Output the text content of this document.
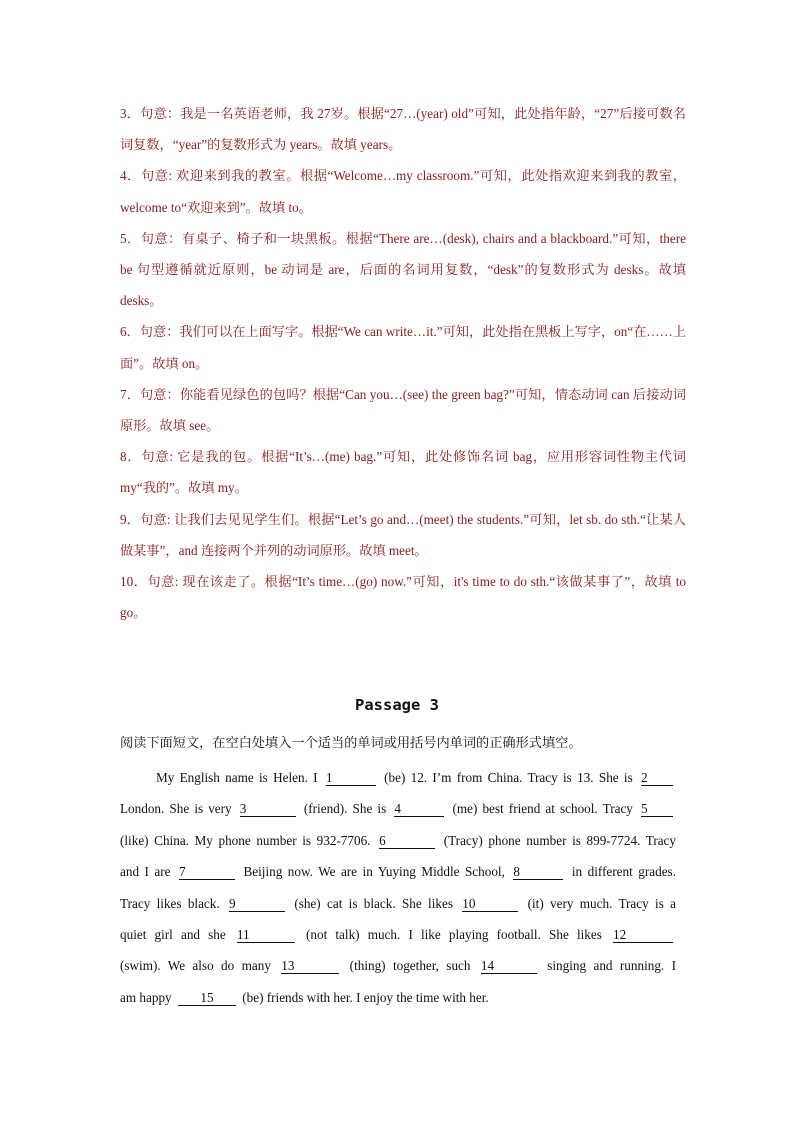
3．句意：我是一名英语老师，我 27岁。根据“27…(year) old”可知，此处指年龄，“27”后接可数名词复数，“year”的复数形式为 years。故填 years。

4．句意: 欢迎来到我的教室。根据“Welcome…my classroom.”可知，此处指欢迎来到我的教室，welcome to“欢迎来到”。故填 to。

5．句意：有桌子、椅子和一块黑板。根据“There are…(desk), chairs and a blackboard.”可知，there be 句型遵循就近原则，be 动词是 are，后面的名词用复数，“desk”的复数形式为 desks。故填 desks。

6．句意：我们可以在上面写字。根据“We can write…it.”可知，此处指在黑板上写字，on“在……上面”。故填 on。

7．句意：你能看见绿色的包吗？根据“Can you…(see) the green bag?”可知，情态动词 can 后接动词原形。故填 see。

8．句意: 它是我的包。根据“It’s…(me) bag.”可知，此处修饰名词 bag，应用形容词性物主代词 my“我的”。故填 my。

9．句意: 让我们去见见学生们。根据“Let’s go and…(meet) the students.”可知，let sb. do sth.“让某人做某事”，and 连接两个并列的动词原形。故填 meet。

10．句意: 现在该走了。根据“It’s time…(go) now.”可知，it's time to do sth.“该做某事了”，故填 to go。

Passage 3

阅读下面短文，在空白处填入一个适当的单词或用括号内单词的正确形式填空。

My English name is Helen. I 1	(be) 12. I’m from China. Tracy is 13. She is 2
London. She is very 3	(friend). She is 4	(me) best friend at school. Tracy 5
(like) China. My phone number is 932-7706. 6	(Tracy) phone number is 899-7724. Tracy
and I are 7	Beijing now. We are in Yuying Middle School, 8	in different grades.
Tracy likes black. 9	(she) cat is black. She likes 10	(it) very much. Tracy is a
quiet girl and she 11	(not talk) much. I like playing football. She likes 12
(swim). We also do many 13	(thing) together, such 14	singing and running. I
am happy 15 (be) friends with her. I enjoy the time with her.
